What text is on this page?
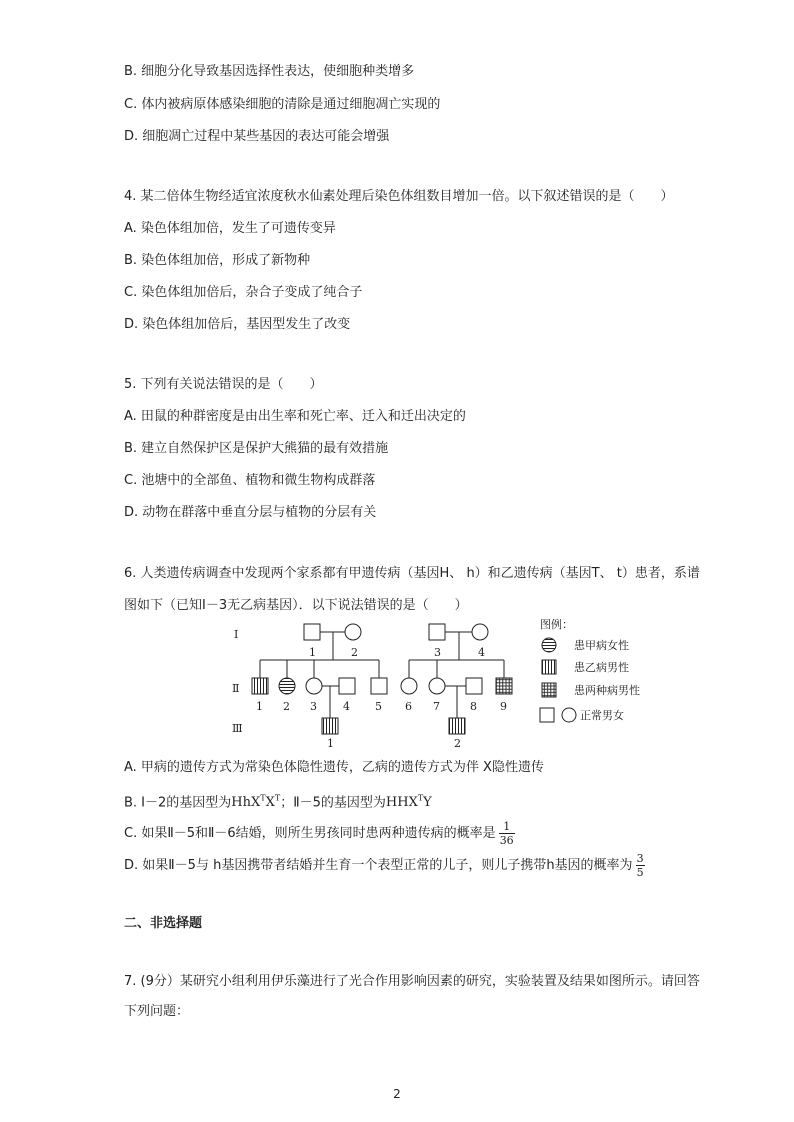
B. 细胞分化导致基因选择性表达，使细胞种类增多
C. 体内被病原体感染细胞的清除是通过细胞凋亡实现的
D. 细胞凋亡过程中某些基因的表达可能会增强
4. 某二倍体生物经适宜浓度秋水仙素处理后染色体组数目增加一倍。以下叙述错误的是（　　）
A. 染色体组加倍，发生了可遗传变异
B. 染色体组加倍，形成了新物种
C. 染色体组加倍后，杂合子变成了纯合子
D. 染色体组加倍后，基因型发生了改变
5. 下列有关说法错误的是（　　）
A. 田鼠的种群密度是由出生率和死亡率、迁入和迁出决定的
B. 建立自然保护区是保护大熊猫的最有效措施
C. 池塘中的全部鱼、植物和微生物构成群落
D. 动物在群落中垂直分层与植物的分层有关
6. 人类遗传病调查中发现两个家系都有甲遗传病（基因H、 h）和乙遗传病（基因T、 t）患者，系谱
图如下（已知Ⅰ－3无乙病基因）．以下说法错误的是（　　）
Ⅰ
Ⅱ
Ⅲ
1	2	3	4
1 2 3 4 5 6 7	8 9
1	2
图例：
患甲病女性
患乙病男性
患两种病男性
正常男女
A. 甲病的遗传方式为常染色体隐性遗传，乙病的遗传方式为伴 X隐性遗传
B. Ⅰ－2的基因型为$HhX^TX^T$；Ⅱ－5的基因型为$HHX^TY$
C. 如果Ⅱ－5和Ⅱ－6结婚，则所生男孩同时患两种遗传病的概率是 $\frac{1}{36}$
D. 如果Ⅱ－5与 h基因携带者结婚并生育一个表型正常的儿子，则儿子携带h基因的概率为 $\frac{3}{5}$
二、非选择题
7. (9分）某研究小组利用伊乐藻进行了光合作用影响因素的研究，实验装置及结果如图所示。请回答
下列问题：
2
